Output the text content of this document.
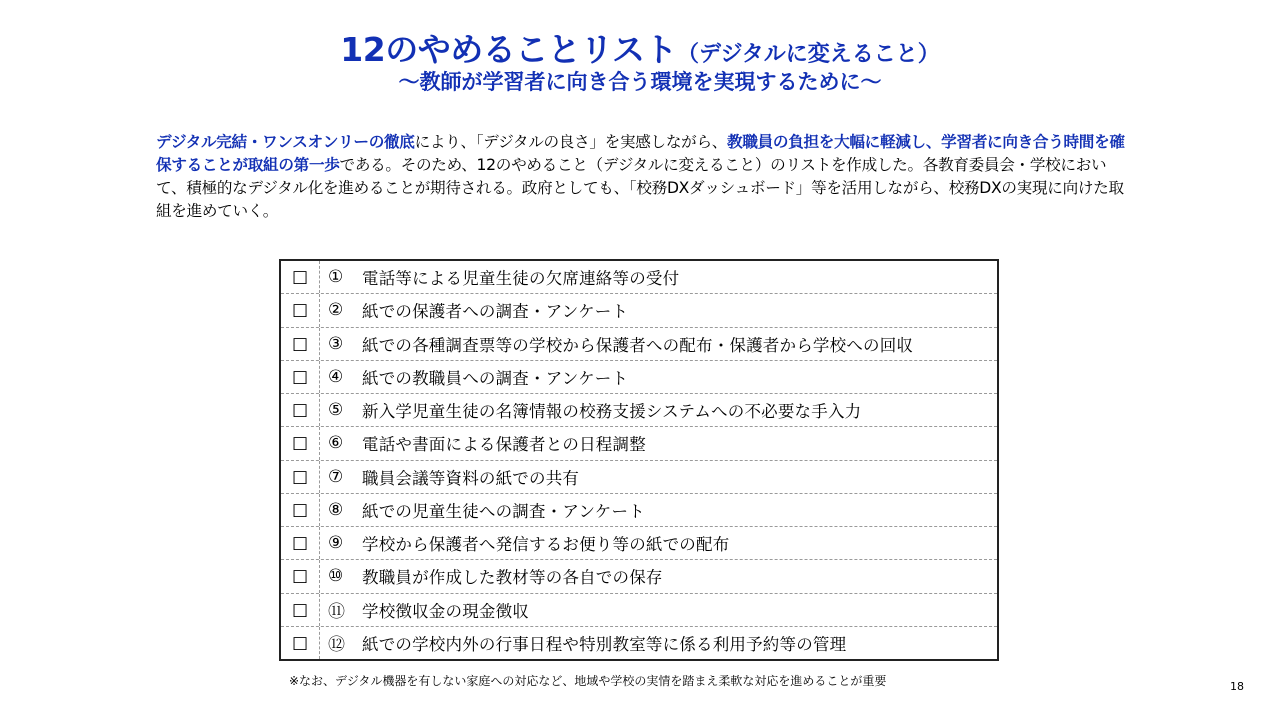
12のやめることリスト（デジタルに変えること）
～教師が学習者に向き合う環境を実現するために～
デジタル完結・ワンスオンリーの徹底により、「デジタルの良さ」を実感しながら、教職員の負担を大幅に軽減し、学習者に向き合う時間を確保することが取組の第一歩である。そのため、12のやめること（デジタルに変えること）のリストを作成した。各教育委員会・学校において、積極的なデジタル化を進めることが期待される。政府としても、「校務DXダッシュボード」等を活用しながら、校務DXの実現に向けた取組を進めていく。
□	①	電話等による児童生徒の欠席連絡等の受付
□	②	紙での保護者への調査・アンケート
□	③	紙での各種調査票等の学校から保護者への配布・保護者から学校への回収
□	④	紙での教職員への調査・アンケート
□	⑤	新入学児童生徒の名簿情報の校務支援システムへの不必要な手入力
□	⑥	電話や書面による保護者との日程調整
□	⑦	職員会議等資料の紙での共有
□	⑧	紙での児童生徒への調査・アンケート
□	⑨	学校から保護者へ発信するお便り等の紙での配布
□	⑩	教職員が作成した教材等の各自での保存
□	⑪	学校徴収金の現金徴収
□	⑫	紙での学校内外の行事日程や特別教室等に係る利用予約等の管理
※なお、デジタル機器を有しない家庭への対応など、地域や学校の実情を踏まえ柔軟な対応を進めることが重要	18
